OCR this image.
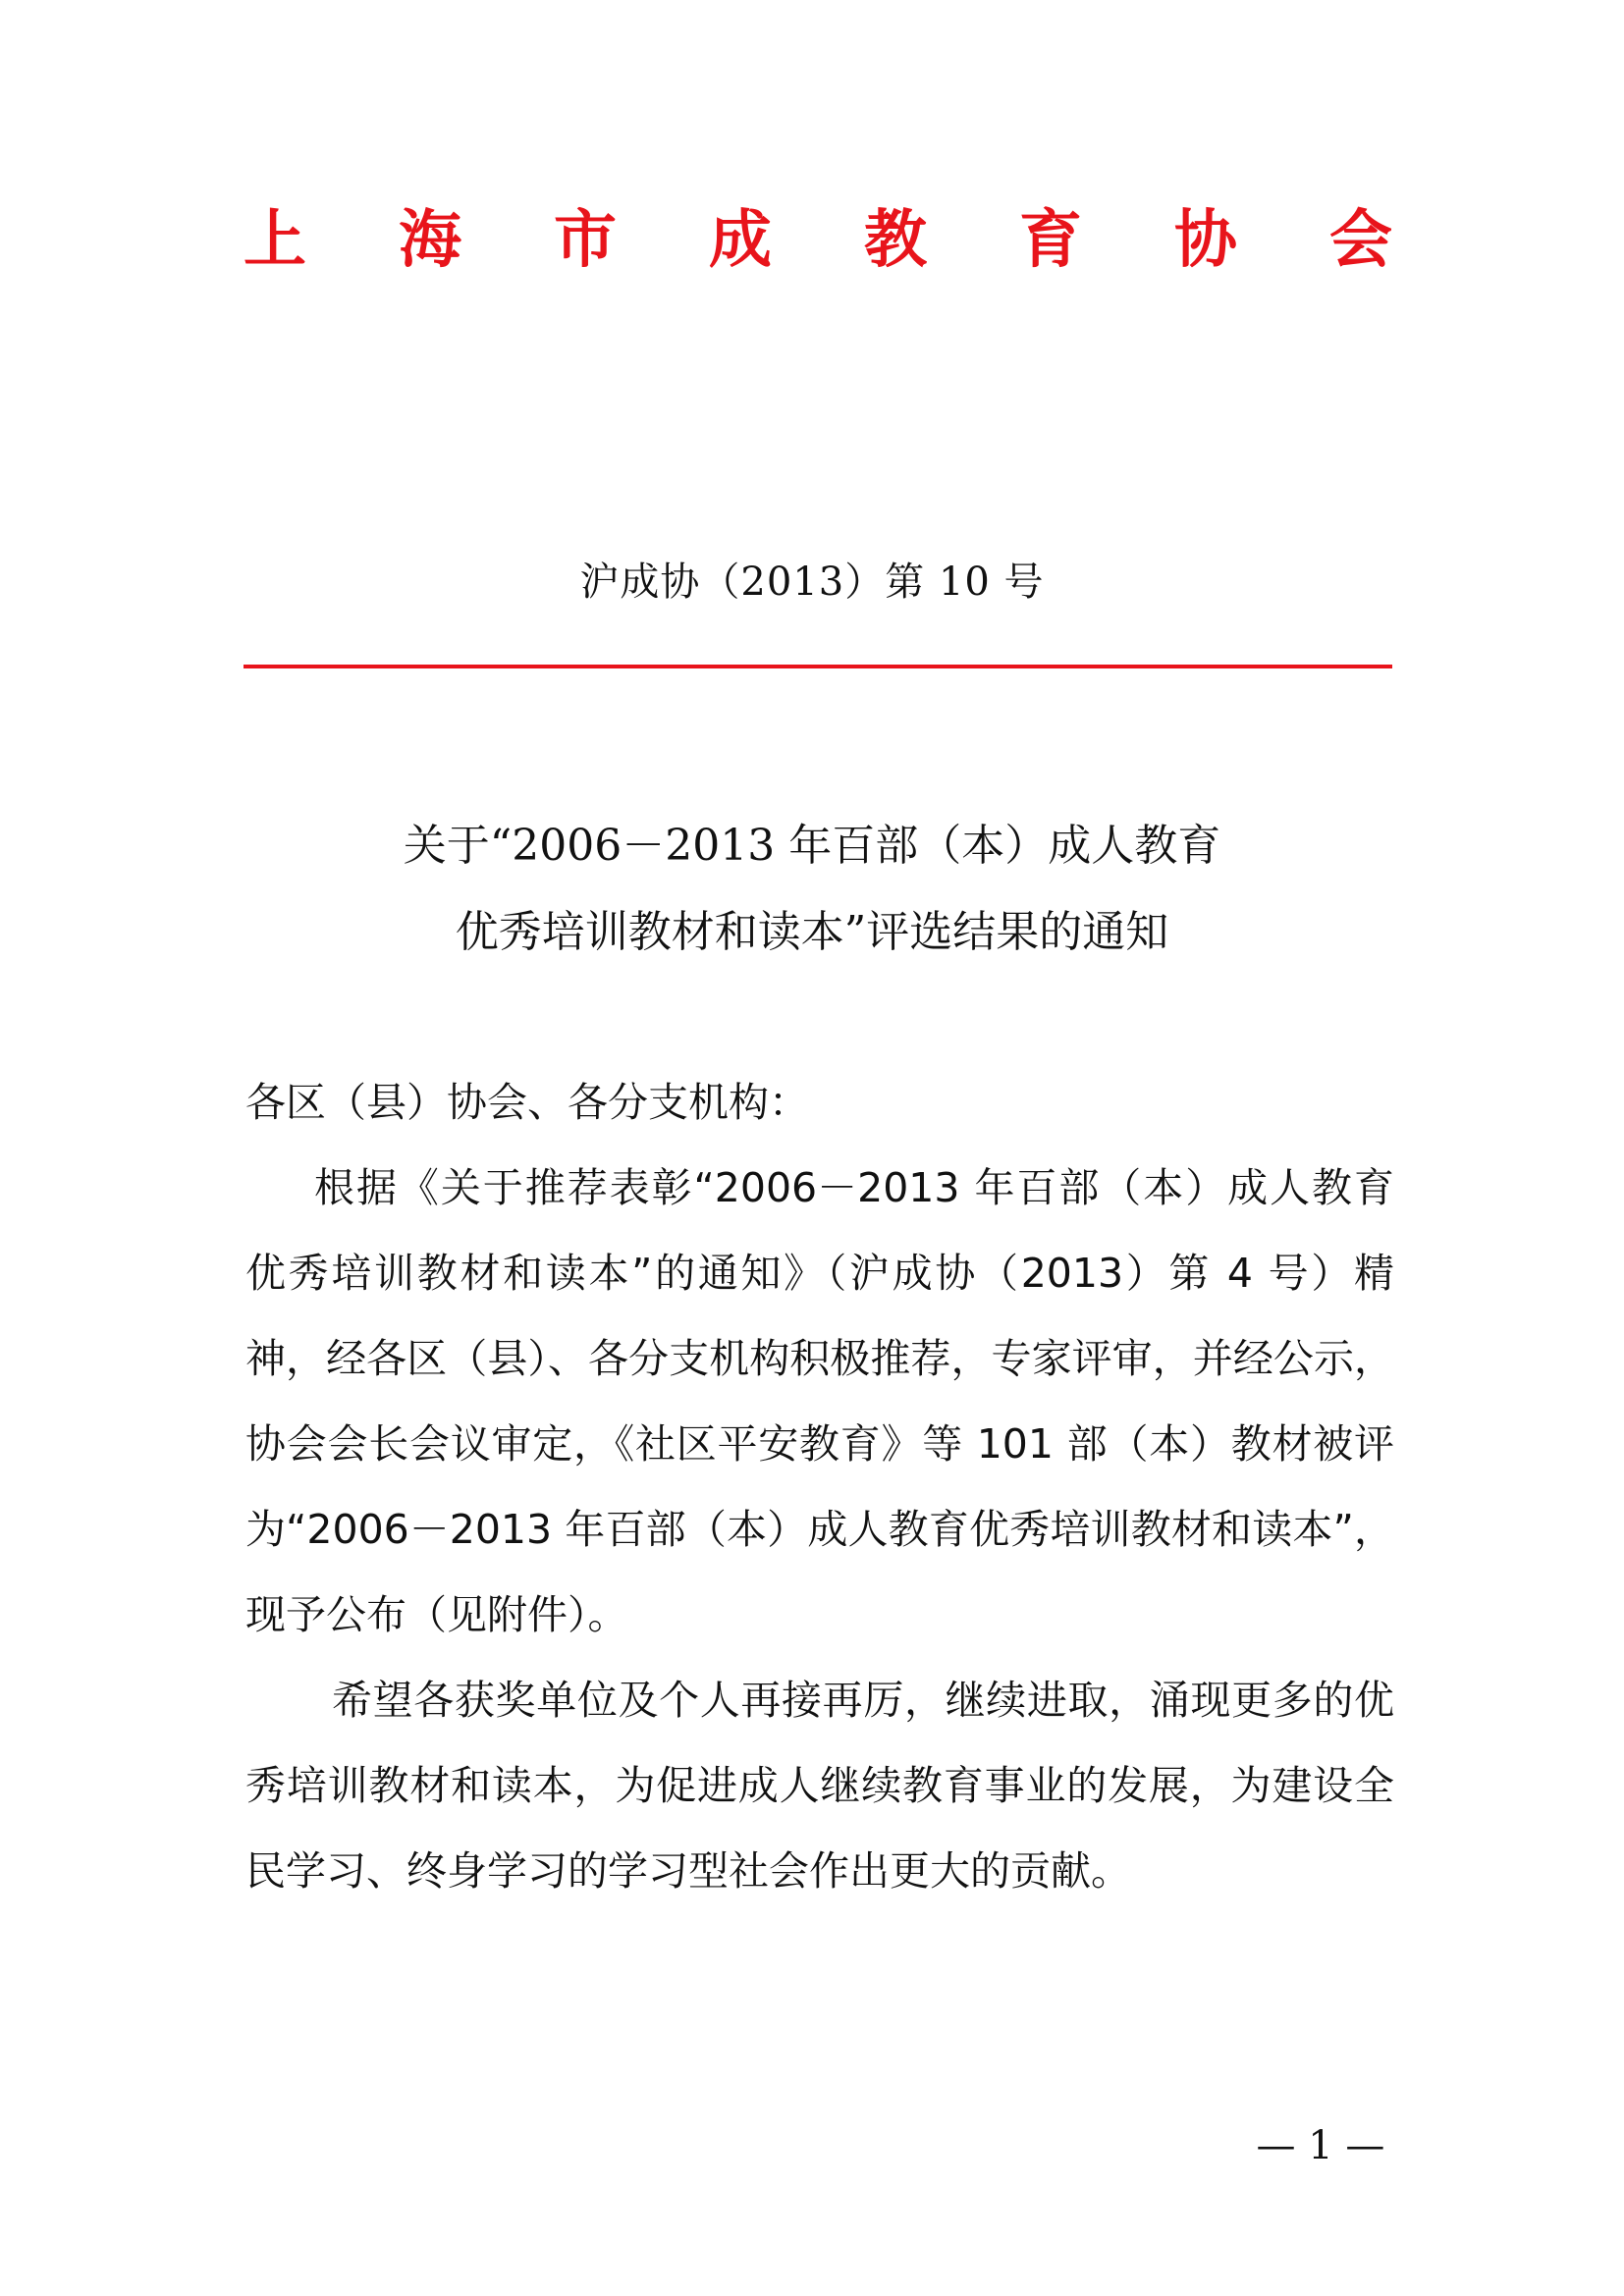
上 海 市 成 教 育 协 会
沪成协（2013）第 10 号
关于“2006－2013 年百部（本）成人教育
优秀培训教材和读本”评选结果的通知

各区（县）协会、各分支机构：

根据《关于推荐表彰“2006－2013 年百部（本）成人教育优秀培训教材和读本”的通知》（沪成协（2013）第 4 号）精神，经各区（县）、各分支机构积极推荐，专家评审，并经公示，协会会长会议审定，《社区平安教育》等 101 部（本）教材被评为“2006－2013 年百部（本）成人教育优秀培训教材和读本”，现予公布（见附件）。

希望各获奖单位及个人再接再厉，继续进取，涌现更多的优秀培训教材和读本，为促进成人继续教育事业的发展，为建设全民学习、终身学习的学习型社会作出更大的贡献。

— 1 —
